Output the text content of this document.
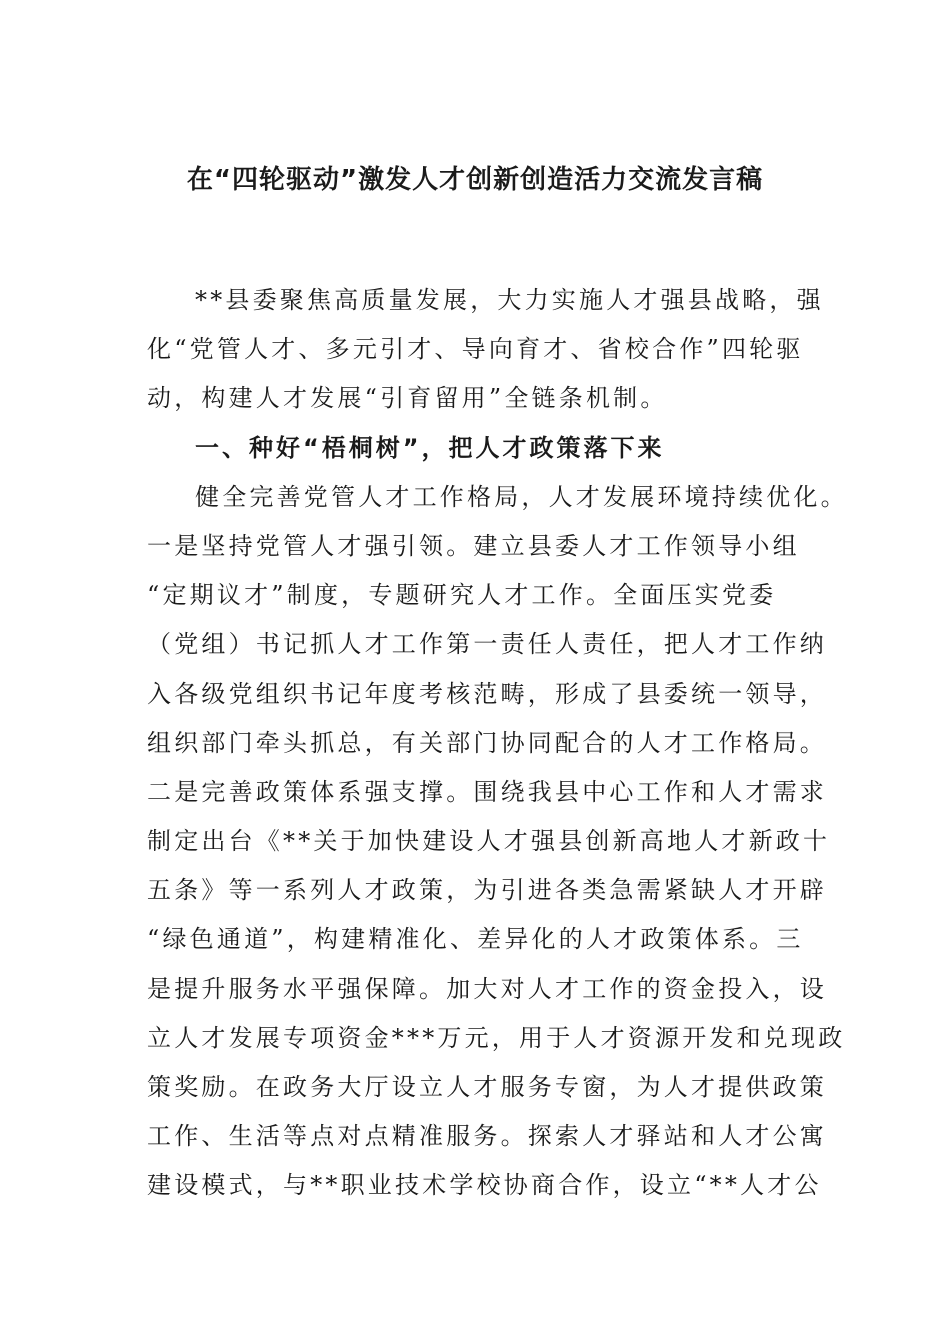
在“四轮驱动”激发人才创新创造活力交流发言稿
**县委聚焦高质量发展，大力实施人才强县战略，强
化“党管人才、多元引才、导向育才、省校合作”四轮驱
动，构建人才发展“引育留用”全链条机制。
一、种好“梧桐树”，把人才政策落下来
健全完善党管人才工作格局，人才发展环境持续优化。
一是坚持党管人才强引领。建立县委人才工作领导小组
“定期议才”制度，专题研究人才工作。全面压实党委
（党组）书记抓人才工作第一责任人责任，把人才工作纳
入各级党组织书记年度考核范畴，形成了县委统一领导，
组织部门牵头抓总，有关部门协同配合的人才工作格局。
二是完善政策体系强支撑。围绕我县中心工作和人才需求
制定出台《**关于加快建设人才强县创新高地人才新政十
五条》等一系列人才政策，为引进各类急需紧缺人才开辟
“绿色通道”，构建精准化、差异化的人才政策体系。三
是提升服务水平强保障。加大对人才工作的资金投入，设
立人才发展专项资金***万元，用于人才资源开发和兑现政
策奖励。在政务大厅设立人才服务专窗，为人才提供政策
工作、生活等点对点精准服务。探索人才驿站和人才公寓
建设模式，与**职业技术学校协商合作，设立“**人才公
